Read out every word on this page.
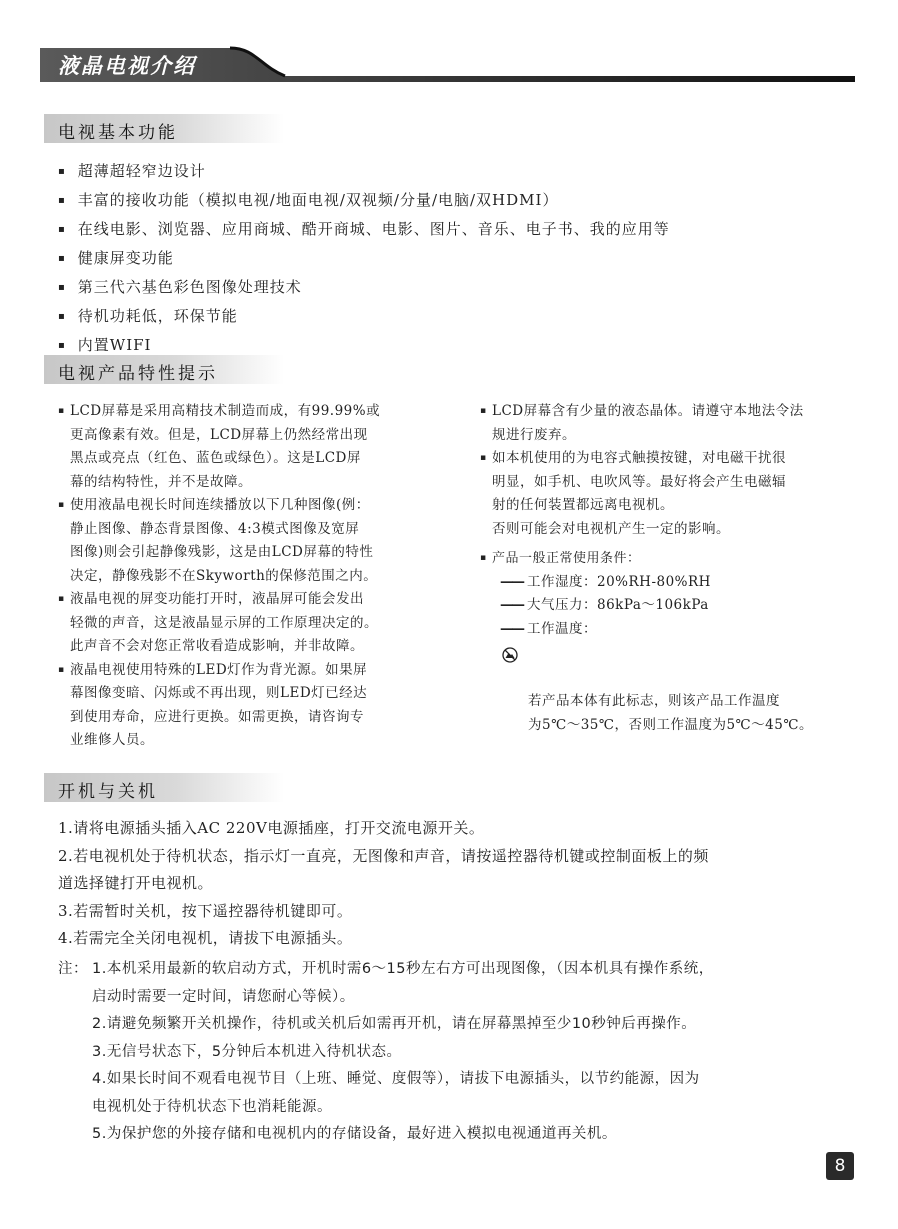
液晶电视介绍
电视基本功能
▪ 超薄超轻窄边设计
▪ 丰富的接收功能（模拟电视/地面电视/双视频/分量/电脑/双HDMI）
▪ 在线电影、浏览器、应用商城、酷开商城、电影、图片、音乐、电子书、我的应用等
▪ 健康屏变功能
▪ 第三代六基色彩色图像处理技术
▪ 待机功耗低，环保节能
▪ 内置WIFI
电视产品特性提示
▪ LCD屏幕是采用高精技术制造而成，有99.99%或
更高像素有效。但是，LCD屏幕上仍然经常出现
黑点或亮点（红色、蓝色或绿色）。这是LCD屏
幕的结构特性，并不是故障。
▪ 使用液晶电视长时间连续播放以下几种图像(例：
静止图像、静态背景图像、4:3模式图像及宽屏
图像)则会引起静像残影，这是由LCD屏幕的特性
决定，静像残影不在Skyworth的保修范围之内。
▪ 液晶电视的屏变功能打开时，液晶屏可能会发出
轻微的声音，这是液晶显示屏的工作原理决定的。
此声音不会对您正常收看造成影响，并非故障。
▪ 液晶电视使用特殊的LED灯作为背光源。如果屏
幕图像变暗、闪烁或不再出现，则LED灯已经达
到使用寿命，应进行更换。如需更换，请咨询专
业维修人员。
▪ LCD屏幕含有少量的液态晶体。请遵守本地法令法
规进行废弃。
▪ 如本机使用的为电容式触摸按键，对电磁干扰很
明显，如手机、电吹风等。最好将会产生电磁辐
射的任何装置都远离电视机。
否则可能会对电视机产生一定的影响。
▪ 产品一般正常使用条件：
—— 工作湿度：20%RH-80%RH
—— 大气压力：86kPa～106kPa
—— 工作温度：

若产品本体有此标志，则该产品工作温度
为5℃～35℃，否则工作温度为5℃～45℃。

开机与关机
1.请将电源插头插入AC 220V电源插座，打开交流电源开关。
2.若电视机处于待机状态，指示灯一直亮，无图像和声音，请按遥控器待机键或控制面板上的频
道选择键打开电视机。
3.若需暂时关机，按下遥控器待机键即可。
4.若需完全关闭电视机，请拔下电源插头。
注： 1.本机采用最新的软启动方式，开机时需6～15秒左右方可出现图像，（因本机具有操作系统，
启动时需要一定时间，请您耐心等候）。
2.请避免频繁开关机操作，待机或关机后如需再开机，请在屏幕黑掉至少10秒钟后再操作。
3.无信号状态下，5分钟后本机进入待机状态。
4.如果长时间不观看电视节目（上班、睡觉、度假等），请拔下电源插头，以节约能源，因为
电视机处于待机状态下也消耗能源。
5.为保护您的外接存储和电视机内的存储设备，最好进入模拟电视通道再关机。
8
